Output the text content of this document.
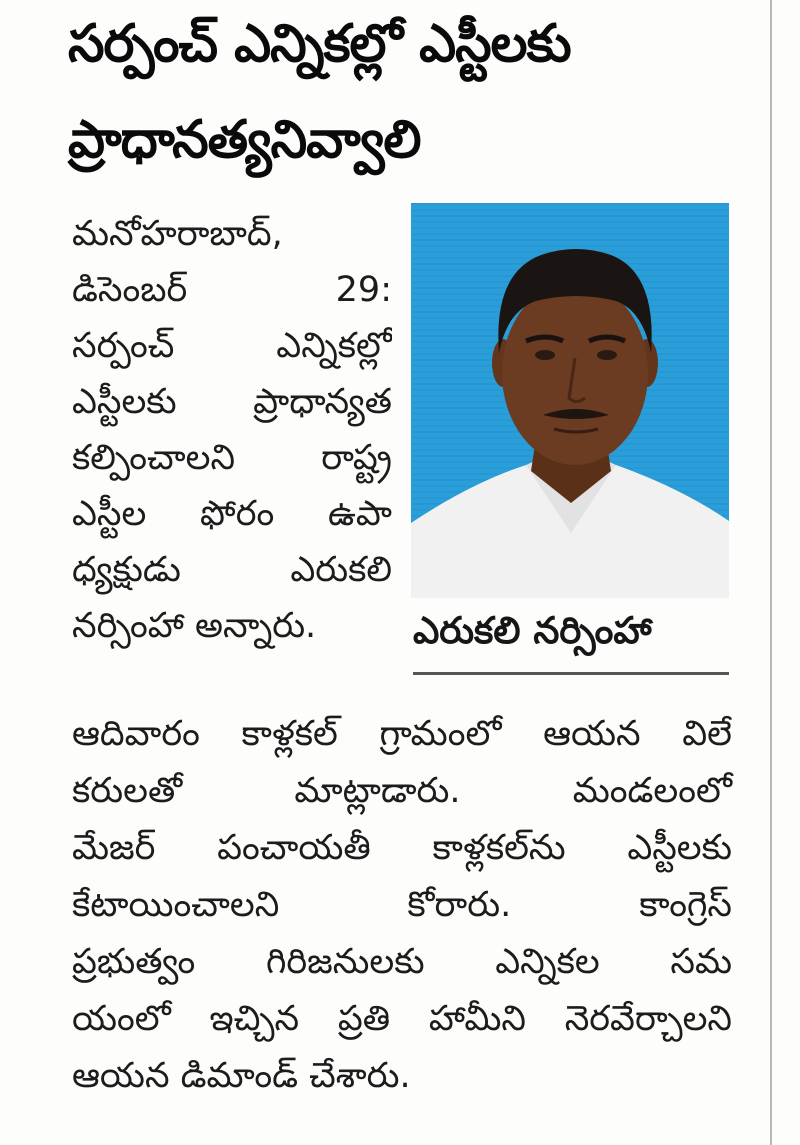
సర్పంచ్ ఎన్నికల్లో ఎస్టీలకు
ప్రాధానత్యనివ్వాలి
మనోహరాబాద్,
డిసెంబర్ 29:
సర్పంచ్ ఎన్నికల్లో
ఎస్టీలకు ప్రాధాన్యత
కల్పించాలని రాష్ట్ర
ఎస్టీల ఫోరం ఉపా
ధ్యక్షుడు ఎరుకలి
నర్సింహా అన్నారు.	ఎరుకలి నర్సింహా
ఆదివారం కాళ్లకల్ గ్రామంలో ఆయన విలే
కరులతో మాట్లాడారు. మండలంలో
మేజర్ పంచాయతీ కాళ్లకల్‌ను ఎస్టీలకు
కేటాయించాలని కోరారు. కాంగ్రెస్
ప్రభుత్వం గిరిజనులకు ఎన్నికల సమ
యంలో ఇచ్చిన ప్రతి హామీని నెరవేర్చాలని
ఆయన డిమాండ్ చేశారు.
